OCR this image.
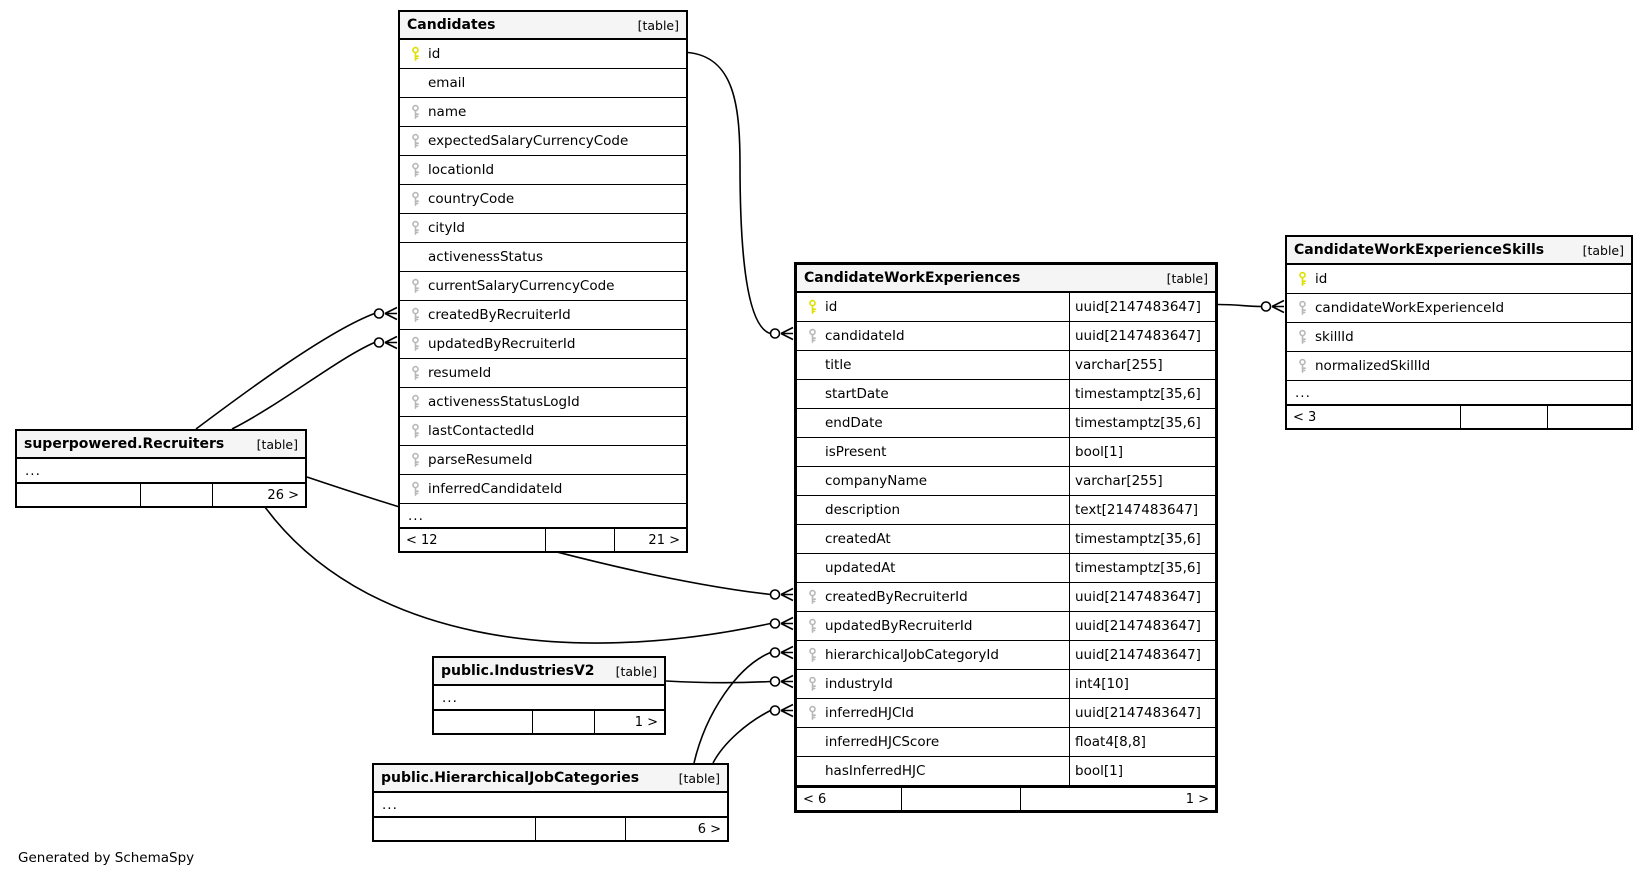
Candidates	[table]
id
email
name
expectedSalaryCurrencyCode
locationId
countryCode
cityId
activenessStatus
currentSalaryCurrencyCode
createdByRecruiterId
updatedByRecruiterId
resumeId
activenessStatusLogId
lastContactedId
parseResumeId
inferredCandidateId
...
< 12	21 >
CandidateWorkExperiences	[table]
id	uuid[2147483647]
candidateId	uuid[2147483647]
title	varchar[255]
startDate	timestamptz[35,6]
endDate	timestamptz[35,6]
isPresent	bool[1]
companyName	varchar[255]
description	text[2147483647]
createdAt	timestamptz[35,6]
updatedAt	timestamptz[35,6]
createdByRecruiterId	uuid[2147483647]
updatedByRecruiterId	uuid[2147483647]
hierarchicalJobCategoryId	uuid[2147483647]
industryId	int4[10]
inferredHJCId	uuid[2147483647]
inferredHJCScore	float4[8,8]
hasInferredHJC	bool[1]
< 6	1 >
CandidateWorkExperienceSkills	[table]
id
candidateWorkExperienceId
skillId
normalizedSkillId
...
< 3
superpowered.Recruiters	[table]
...
26 >
public.IndustriesV2 [table]
...
1 >
public.HierarchicalJobCategories	[table]
...
6 >
Generated by SchemaSpy
